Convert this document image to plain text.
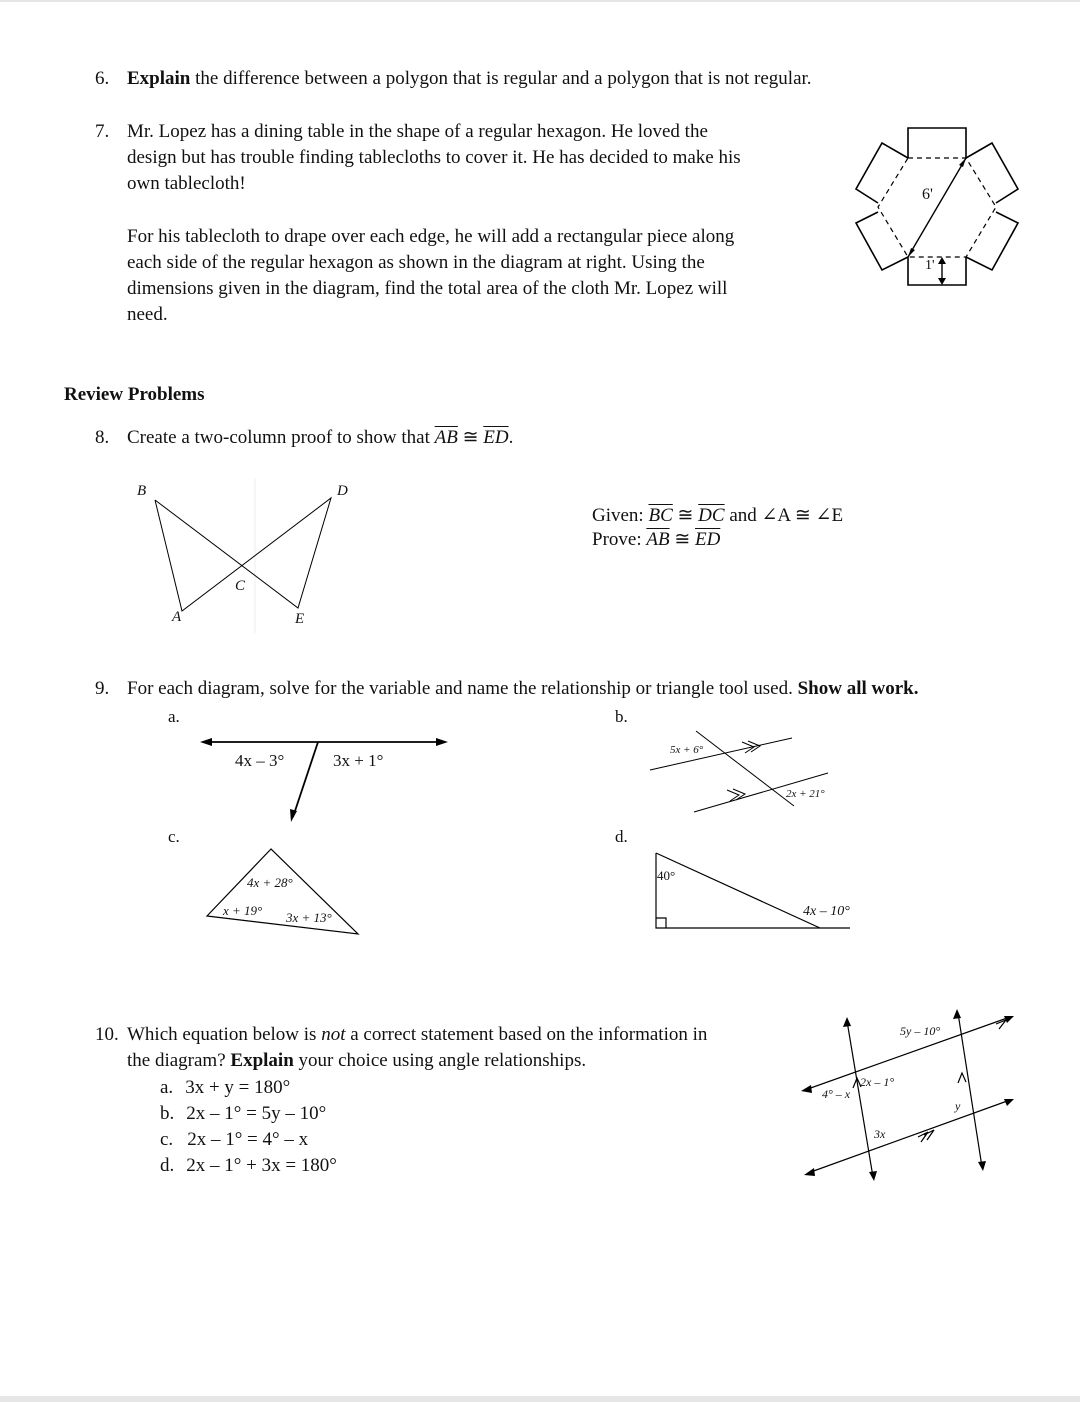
6. Explain the difference between a polygon that is regular and a polygon that is not regular.
7. Mr. Lopez has a dining table in the shape of a regular hexagon. He loved the
design but has trouble finding tablecloths to cover it. He has decided to make his
own tablecloth!
For his tablecloth to drape over each edge, he will add a rectangular piece along
each side of the regular hexagon as shown in the diagram at right. Using the
dimensions given in the diagram, find the total area of the cloth Mr. Lopez will
need.
6'
1'
Review Problems
8. Create a two-column proof to show that $\overline{AB}$ ≅ $\overline{ED}$.
B	D
C
A	E
Given: $\overline{BC}$ ≅ $\overline{DC}$ and ∠A ≅ ∠E
Prove: $\overline{AB}$ ≅ $\overline{ED}$
9. For each diagram, solve for the variable and name the relationship or triangle tool used. Show all work.
a.	b.
4x – 3°	3x + 1°
5x + 6°
2x + 21°
c.	d.
4x + 28°
x + 19° 3x + 13°
40°
4x – 10°
10. Which equation below is not a correct statement based on the information in
the diagram? Explain your choice using angle relationships.
a. 3x + y = 180°
b. 2x – 1° = 5y – 10°
c. 2x – 1° = 4° – x
d. 2x – 1° + 3x = 180°
5y – 10°
2x – 1°
4° – x
y
3x
